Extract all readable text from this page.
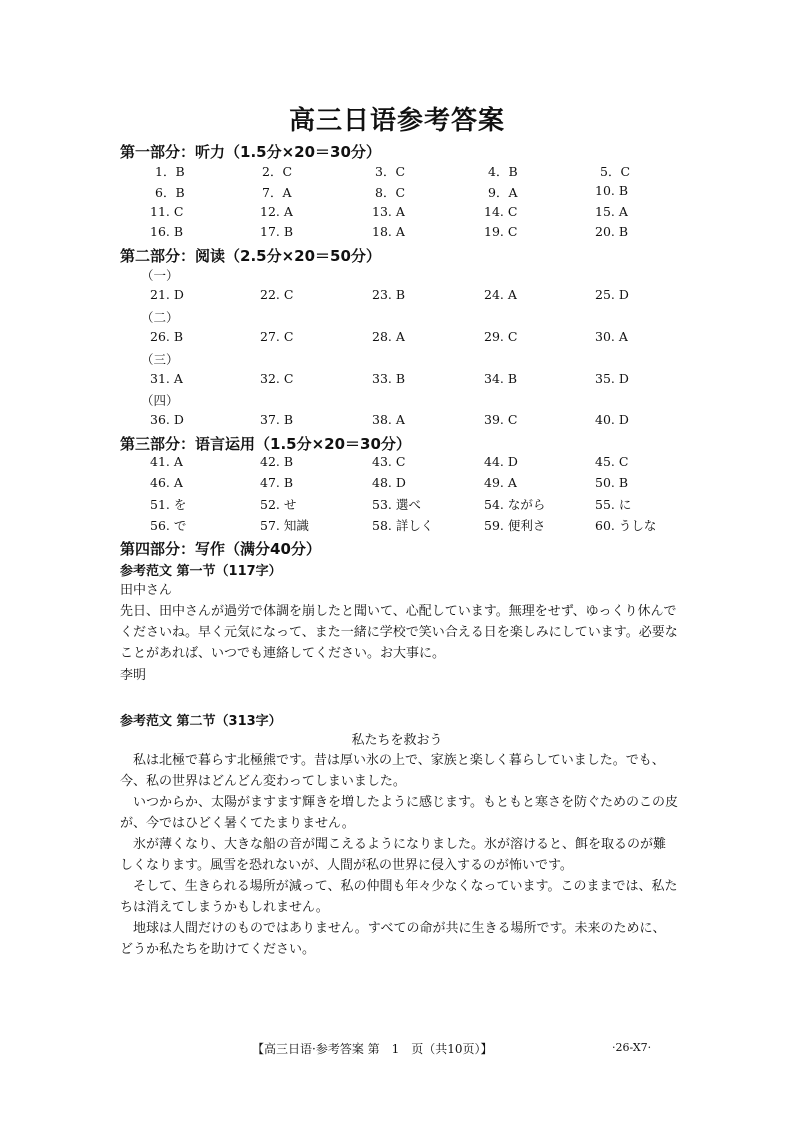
高三日语参考答案
第一部分：听力（1.5分×20＝30分）
1．B	2．C	3．C	4．B	5．C
6．B	7．A	8．C	9．A	10. B
11. C	12. A	13. A	14. C	15. A
16. B	17. B	18. A	19. C	20. B
第二部分：阅读（2.5分×20＝50分）
（一）
21. D	22. C	23. B	24. A	25. D
（二）
26. B	27. C	28. A	29. C	30. A
（三）
31. A	32. C	33. B	34. B	35. D
（四）
36. D	37. B	38. A	39. C	40. D
第三部分：语言运用（1.5分×20＝30分）
41. A	42. B	43. C	44. D	45. C
46. A	47. B	48. D	49. A	50. B
51. を	52. せ	53. 選べ	54. ながら	55. に
56. で	57. 知識	58. 詳しく	59. 便利さ	60. うしな
第四部分：写作（满分40分）
参考范文 第一节（117字）
田中さん
先日、田中さんが過労で体調を崩したと聞いて、心配しています。無理をせず、ゆっくり休んでくださいね。早く元気になって、また一緒に学校で笑い合える日を楽しみにしています。必要なことがあれば、いつでも連絡してください。お大事に。
李明
参考范文 第二节（313字）
私たちを救おう
私は北極で暮らす北極熊です。昔は厚い氷の上で、家族と楽しく暮らしていました。でも、今、私の世界はどんどん変わってしまいました。
いつからか、太陽がますます輝きを増したように感じます。もともと寒さを防ぐためのこの皮が、今ではひどく暑くてたまりません。
氷が薄くなり、大きな船の音が聞こえるようになりました。氷が溶けると、餌を取るのが難しくなります。風雪を恐れないが、人間が私の世界に侵入するのが怖いです。
そして、生きられる場所が減って、私の仲間も年々少なくなっています。このままでは、私たちは消えてしまうかもしれません。
地球は人間だけのものではありません。すべての命が共に生きる場所です。未来のために、どうか私たちを助けてください。
【高三日语·参考答案 第　1　页（共10页）】	·26-X7·
